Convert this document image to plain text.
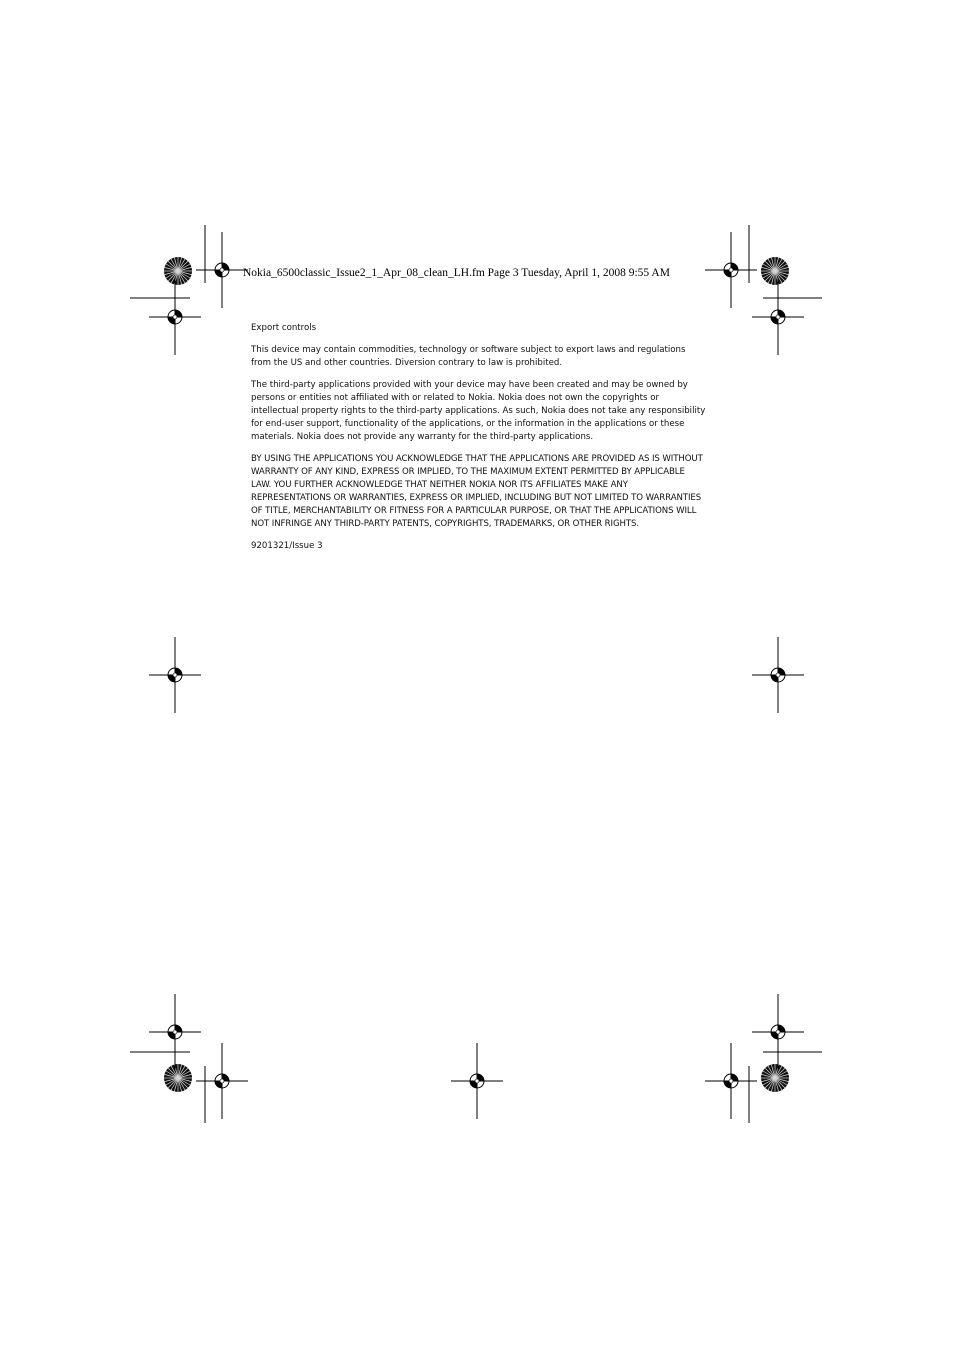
Nokia_6500classic_Issue2_1_Apr_08_clean_LH.fm Page 3 Tuesday, April 1, 2008 9:55 AM

Export controls

This device may contain commodities, technology or software subject to export laws and regulations from the US and other countries. Diversion contrary to law is prohibited.

The third-party applications provided with your device may have been created and may be owned by persons or entities not affiliated with or related to Nokia. Nokia does not own the copyrights or intellectual property rights to the third-party applications. As such, Nokia does not take any responsibility for end-user support, functionality of the applications, or the information in the applications or these materials. Nokia does not provide any warranty for the third-party applications.

BY USING THE APPLICATIONS YOU ACKNOWLEDGE THAT THE APPLICATIONS ARE PROVIDED AS IS WITHOUT WARRANTY OF ANY KIND, EXPRESS OR IMPLIED, TO THE MAXIMUM EXTENT PERMITTED BY APPLICABLE LAW. YOU FURTHER ACKNOWLEDGE THAT NEITHER NOKIA NOR ITS AFFILIATES MAKE ANY REPRESENTATIONS OR WARRANTIES, EXPRESS OR IMPLIED, INCLUDING BUT NOT LIMITED TO WARRANTIES OF TITLE, MERCHANTABILITY OR FITNESS FOR A PARTICULAR PURPOSE, OR THAT THE APPLICATIONS WILL NOT INFRINGE ANY THIRD-PARTY PATENTS, COPYRIGHTS, TRADEMARKS, OR OTHER RIGHTS.

9201321/Issue 3
